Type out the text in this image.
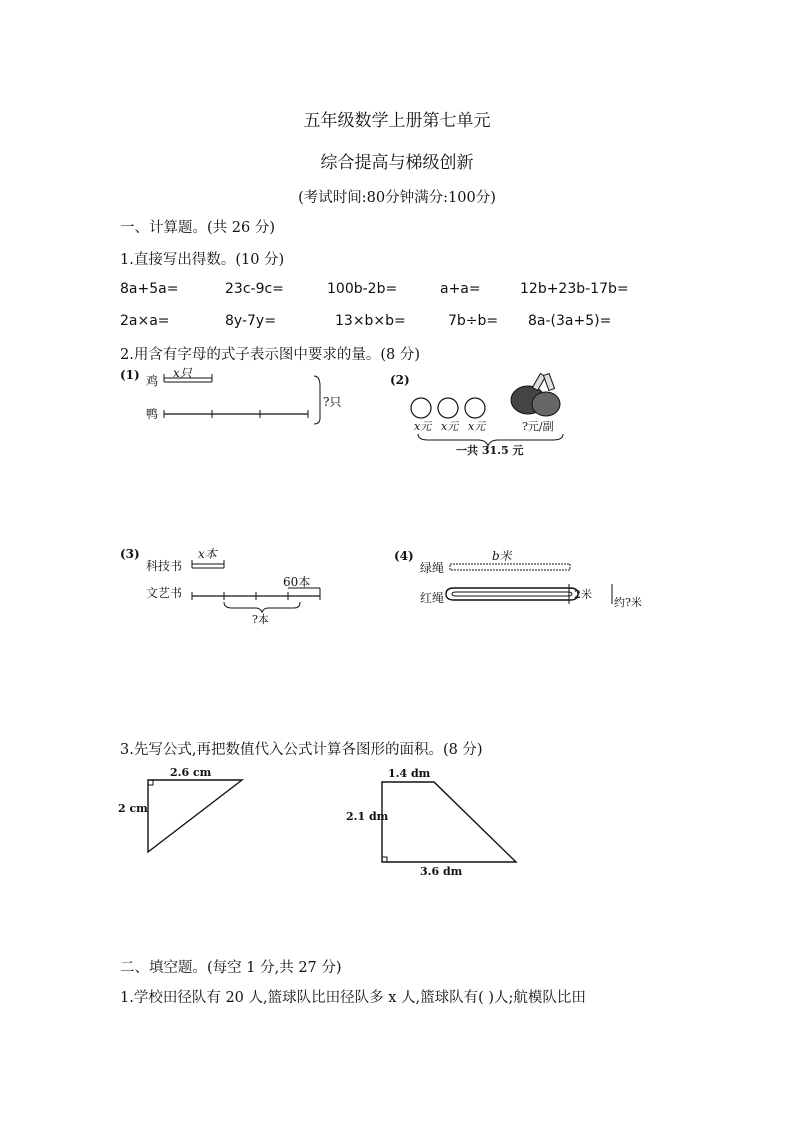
五年级数学上册第七单元
综合提高与梯级创新
(考试时间:80分钟满分:100分)
一、计算题。(共 26 分)
1.直接写出得数。(10 分)
8a+5a=	23c-9c=	100b-2b=	a+a=	12b+23b-17b=
2a×a=	8y-7y=	13×b×b=	7b÷b= 8a-(3a+5)=
2.用含有字母的式子表示图中要求的量。(8 分)
(1) 鸡
x只
鸭
?只
(2)
x元 x元 x元	?元/副
一共 31.5 元
(3)
科技书
x本
文艺书
60本
?本
(4)
绿绳
b米
红绳	2米
约?米
3.先写公式,再把数值代入公式计算各图形的面积。(8 分)
2.6 cm
2 cm
1.4 dm
2.1 dm
3.6 dm
二、填空题。(每空 1 分,共 27 分)
1.学校田径队有 20 人,篮球队比田径队多 x 人,篮球队有( )人;航模队比田
